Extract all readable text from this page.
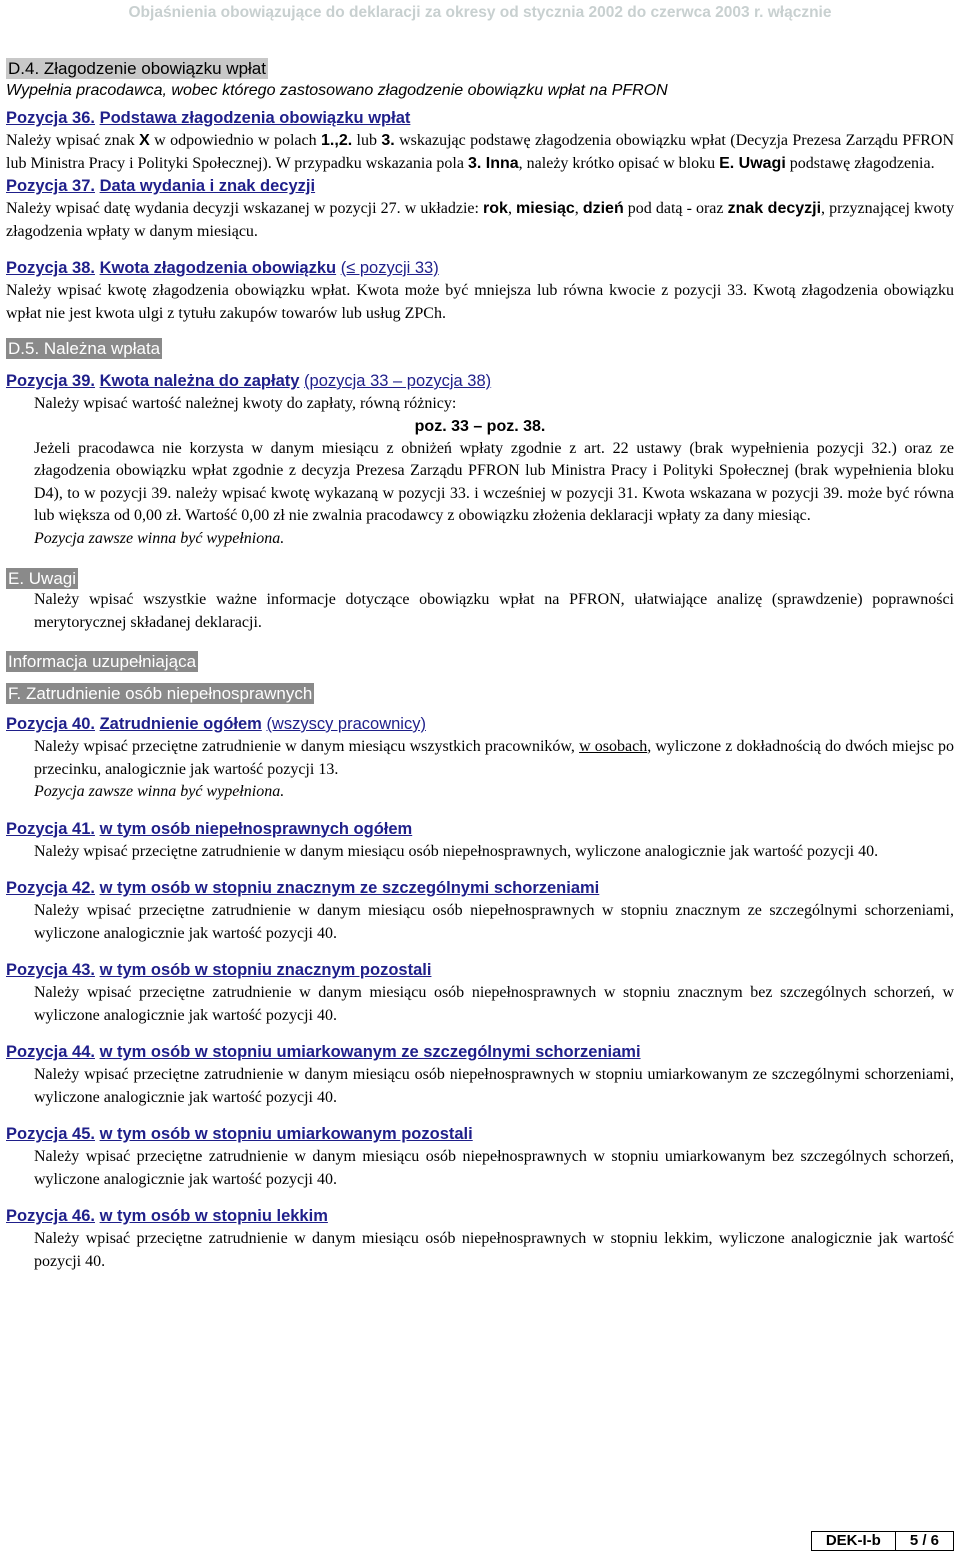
Objaśnienia obowiązujące do deklaracji za okresy od stycznia 2002 do czerwca 2003 r. włącznie
D.4. Złagodzenie obowiązku wpłat
Wypełnia pracodawca, wobec którego zastosowano złagodzenie obowiązku wpłat na PFRON
Pozycja 36. Podstawa złagodzenia obowiązku wpłat
Należy wpisać znak X w odpowiednio w polach 1.,2. lub 3. wskazując podstawę złagodzenia obowiązku wpłat (Decyzja Prezesa Zarządu PFRON lub Ministra Pracy i Polityki Społecznej). W przypadku wskazania pola 3. Inna, należy krótko opisać w bloku E. Uwagi podstawę złagodzenia.
Pozycja 37. Data wydania i znak decyzji
Należy wpisać datę wydania decyzji wskazanej w pozycji 27. w układzie: rok, miesiąc, dzień pod datą - oraz znak decyzji, przyznającej kwoty złagodzenia wpłaty w danym miesiącu.
Pozycja 38. Kwota złagodzenia obowiązku (≤ pozycji 33)
Należy wpisać kwotę złagodzenia obowiązku wpłat. Kwota może być mniejsza lub równa kwocie z pozycji 33. Kwotą złagodzenia obowiązku wpłat nie jest kwota ulgi z tytułu zakupów towarów lub usług ZPCh.
D.5. Należna wpłata
Pozycja 39. Kwota należna do zapłaty (pozycja 33 – pozycja 38)
Należy wpisać wartość należnej kwoty do zapłaty, równą różnicy:
poz. 33 – poz. 38.
Jeżeli pracodawca nie korzysta w danym miesiącu z obniżeń wpłaty zgodnie z art. 22 ustawy (brak wypełnienia pozycji 32.) oraz ze złagodzenia obowiązku wpłat zgodnie z decyzja Prezesa Zarządu PFRON lub Ministra Pracy i Polityki Społecznej (brak wypełnienia bloku D4), to w pozycji 39. należy wpisać kwotę wykazaną w pozycji 33. i wcześniej w pozycji 31. Kwota wskazana w pozycji 39. może być równa lub większa od 0,00 zł. Wartość 0,00 zł nie zwalnia pracodawcy z obowiązku złożenia deklaracji wpłaty za dany miesiąc.
Pozycja zawsze winna być wypełniona.
E. Uwagi
Należy wpisać wszystkie ważne informacje dotyczące obowiązku wpłat na PFRON, ułatwiające analizę (sprawdzenie) poprawności merytorycznej składanej deklaracji.
Informacja uzupełniająca
F. Zatrudnienie osób niepełnosprawnych
Pozycja 40. Zatrudnienie ogółem (wszyscy pracownicy)
Należy wpisać przeciętne zatrudnienie w danym miesiącu wszystkich pracowników, w osobach, wyliczone z dokładnością do dwóch miejsc po przecinku, analogicznie jak wartość pozycji 13.
Pozycja zawsze winna być wypełniona.
Pozycja 41. w tym osób niepełnosprawnych ogółem
Należy wpisać przeciętne zatrudnienie w danym miesiącu osób niepełnosprawnych, wyliczone analogicznie jak wartość pozycji 40.
Pozycja 42. w tym osób w stopniu znacznym ze szczególnymi schorzeniami
Należy wpisać przeciętne zatrudnienie w danym miesiącu osób niepełnosprawnych w stopniu znacznym ze szczególnymi schorzeniami, wyliczone analogicznie jak wartość pozycji 40.
Pozycja 43. w tym osób w stopniu znacznym pozostali
Należy wpisać przeciętne zatrudnienie w danym miesiącu osób niepełnosprawnych w stopniu znacznym bez szczególnych schorzeń, w wyliczone analogicznie jak wartość pozycji 40.
Pozycja 44. w tym osób w stopniu umiarkowanym ze szczególnymi schorzeniami
Należy wpisać przeciętne zatrudnienie w danym miesiącu osób niepełnosprawnych w stopniu umiarkowanym ze szczególnymi schorzeniami, wyliczone analogicznie jak wartość pozycji 40.
Pozycja 45. w tym osób w stopniu umiarkowanym pozostali
Należy wpisać przeciętne zatrudnienie w danym miesiącu osób niepełnosprawnych w stopniu umiarkowanym bez szczególnych schorzeń, wyliczone analogicznie jak wartość pozycji 40.
Pozycja 46. w tym osób w stopniu lekkim
Należy wpisać przeciętne zatrudnienie w danym miesiącu osób niepełnosprawnych w stopniu lekkim, wyliczone analogicznie jak wartość pozycji 40.
DEK-I-b	5 / 6
